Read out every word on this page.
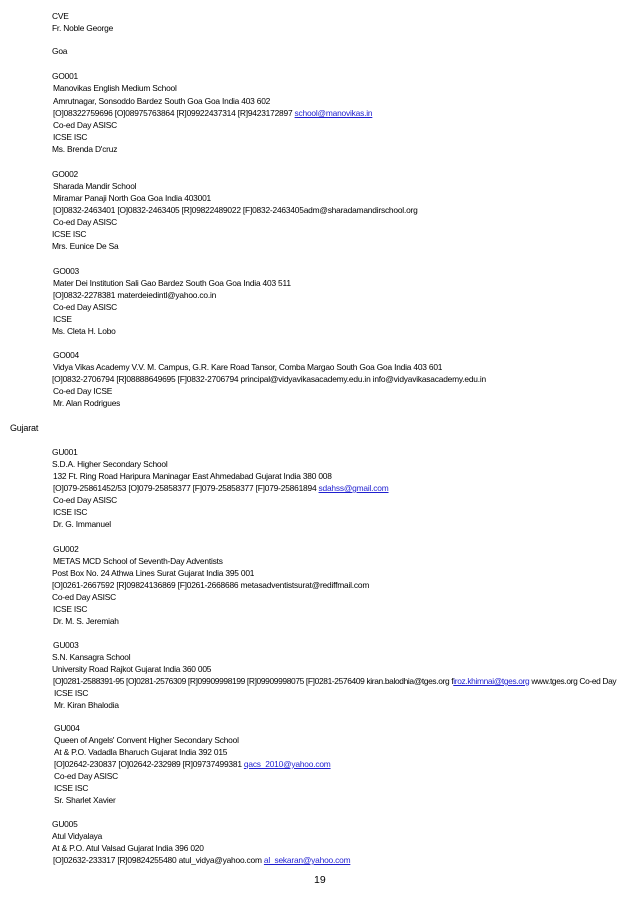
CVE
Fr. Noble George
Goa
GO001
Manovikas English Medium School
Amrutnagar, Sonsoddo Bardez South Goa Goa India 403 602
[O]08322759696 [O]08975763864 [R]09922437314 [R]9423172897 school@manovikas.in
Co-ed Day ASISC
ICSE ISC
Ms. Brenda D'cruz
GO002
Sharada Mandir School
Miramar Panaji North Goa Goa India 403001
[O]0832-2463401 [O]0832-2463405 [R]09822489022 [F]0832-2463405adm@sharadamandirschool.org
Co-ed Day ASISC
ICSE ISC
Mrs. Eunice De Sa
GO003
Mater Dei Institution Sali Gao Bardez South Goa Goa India 403 511
[O]0832-2278381 materdeiedintl@yahoo.co.in
Co-ed Day ASISC
ICSE
Ms. Cleta H. Lobo
GO004
Vidya Vikas Academy V.V. M. Campus, G.R. Kare Road Tansor, Comba Margao South Goa Goa India 403 601
[O]0832-2706794 [R]08888649695 [F]0832-2706794 principal@vidyavikasacademy.edu.in info@vidyavikasacademy.edu.in
Co-ed Day ICSE
Mr. Alan Rodrigues
Gujarat
GU001
S.D.A. Higher Secondary School
132 Ft. Ring Road Haripura Maninagar East Ahmedabad Gujarat India 380 008
[O]079-25861452/53 [O]079-25858377 [F]079-25858377 [F]079-25861894 sdahss@gmail.com
Co-ed Day ASISC
ICSE ISC
Dr. G. Immanuel
GU002
METAS MCD School of Seventh-Day Adventists
Post Box No. 24 Athwa Lines Surat Gujarat India 395 001
[O]0261-2667592 [R]09824136869 [F]0261-2668686 metasadventistsurat@rediffmail.com
Co-ed Day ASISC
ICSE ISC
Dr. M. S. Jeremiah
GU003
S.N. Kansagra School
University Road Rajkot Gujarat India 360 005
[O]0281-2588391-95 [O]0281-2576309 [R]09909998199 [R]09909998075 [F]0281-2576409 kiran.balodhia@tges.org firoz.khimnai@tges.org www.tges.org Co-ed Day
ICSE ISC
Mr. Kiran Bhalodia
GU004
Queen of Angels' Convent Higher Secondary School
At & P.O. Vadadla Bharuch Gujarat India 392 015
[O]02642-230837 [O]02642-232989 [R]09737499381 qacs_2010@yahoo.com
Co-ed Day ASISC
ICSE ISC
Sr. Sharlet Xavier
GU005
Atul Vidyalaya
At & P.O. Atul Valsad Gujarat India 396 020
[O]02632-233317 [R]09824255480 atul_vidya@yahoo.com al_sekaran@yahoo.com
19
